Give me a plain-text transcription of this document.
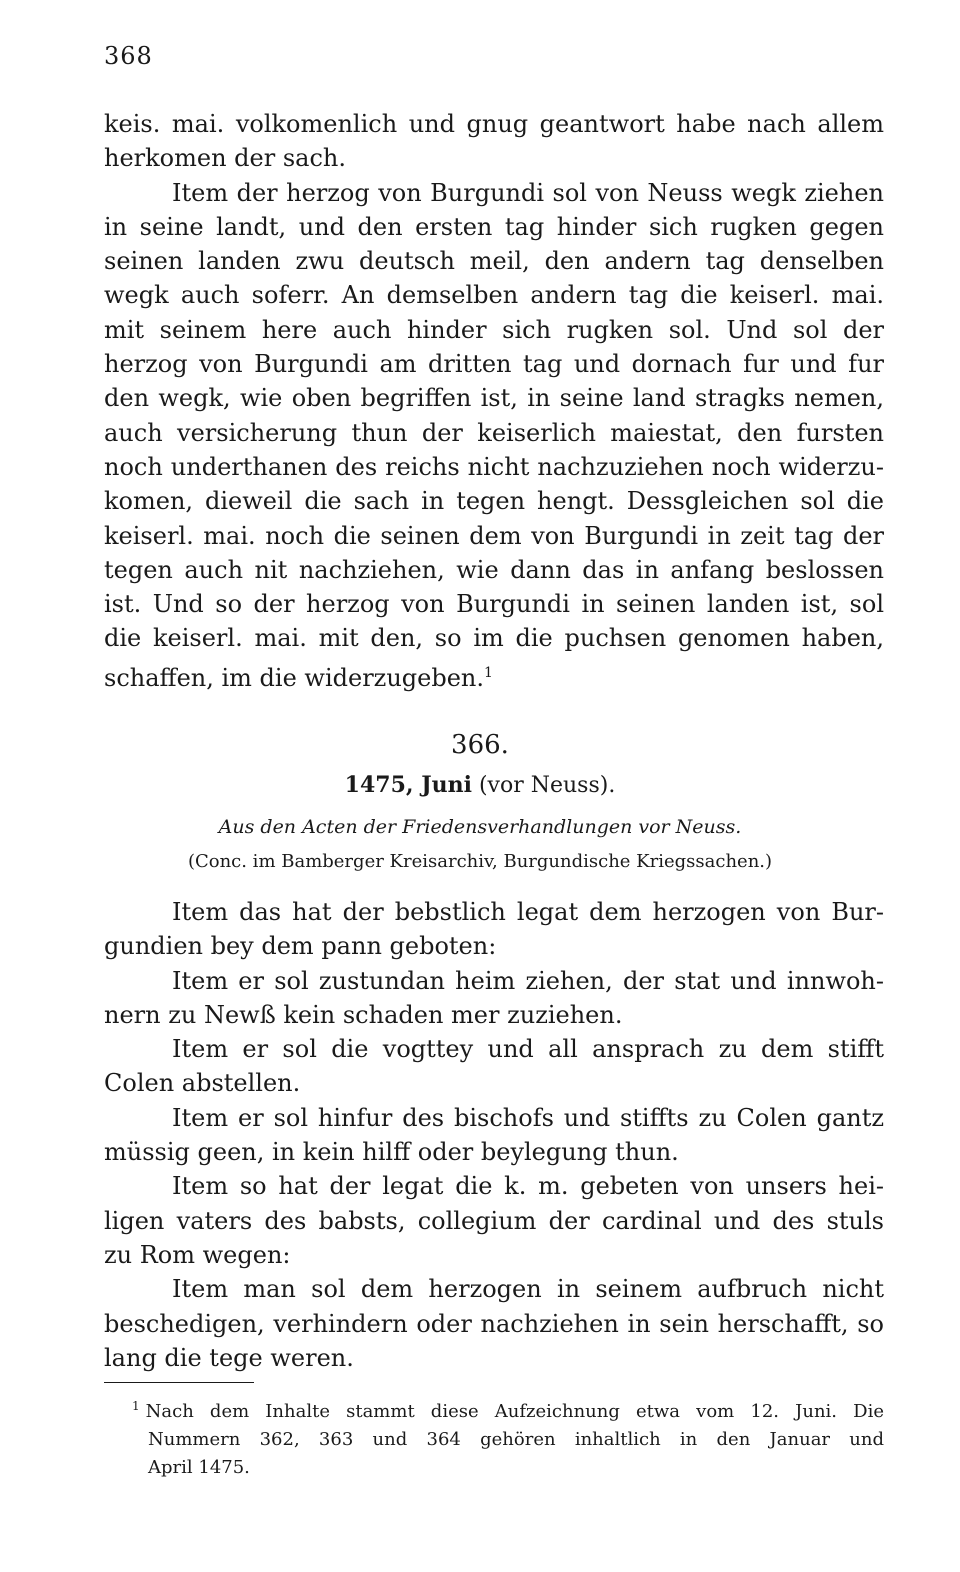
368
keis. mai. volkomenlich und gnug geantwort habe nach allem
herkomen der sach.
Item der herzog von Burgundi sol von Neuss wegk ziehen
in seine landt, und den ersten tag hinder sich rugken gegen
seinen landen zwu deutsch meil, den andern tag denselben
wegk auch soferr. An demselben andern tag die keiserl. mai.
mit seinem here auch hinder sich rugken sol. Und sol der
herzog von Burgundi am dritten tag und dornach fur und fur
den wegk, wie oben begriffen ist, in seine land stragks nemen,
auch versicherung thun der keiserlich maiestat, den fursten
noch underthanen des reichs nicht nachzuziehen noch widerzu-
komen, dieweil die sach in tegen hengt. Dessgleichen sol die
keiserl. mai. noch die seinen dem von Burgundi in zeit tag der
tegen auch nit nachziehen, wie dann das in anfang beslossen
ist. Und so der herzog von Burgundi in seinen landen ist, sol
die keiserl. mai. mit den, so im die puchsen genomen haben,
schaffen, im die widerzugeben.$^1$
366.
1475, Juni (vor Neuss).
Aus den Acten der Friedensverhandlungen vor Neuss.
(Conc. im Bamberger Kreisarchiv, Burgundische Kriegssachen.)
Item das hat der bebstlich legat dem herzogen von Bur-
gundien bey dem pann geboten:
Item er sol zustundan heim ziehen, der stat und innwoh-
nern zu Newß kein schaden mer zuziehen.
Item er sol die vogttey und all ansprach zu dem stifft
Colen abstellen.
Item er sol hinfur des bischofs und stiffts zu Colen gantz
müssig geen, in kein hilff oder beylegung thun.
Item so hat der legat die k. m. gebeten von unsers hei-
ligen vaters des babsts, collegium der cardinal und des stuls
zu Rom wegen:
Item man sol dem herzogen in seinem aufbruch nicht
beschedigen, verhindern oder nachziehen in sein herschafft, so
lang die tege weren.
$^1$ Nach dem Inhalte stammt diese Aufzeichnung etwa vom 12. Juni. Die
Nummern 362, 363 und 364 gehören inhaltlich in den Januar und
April 1475.
